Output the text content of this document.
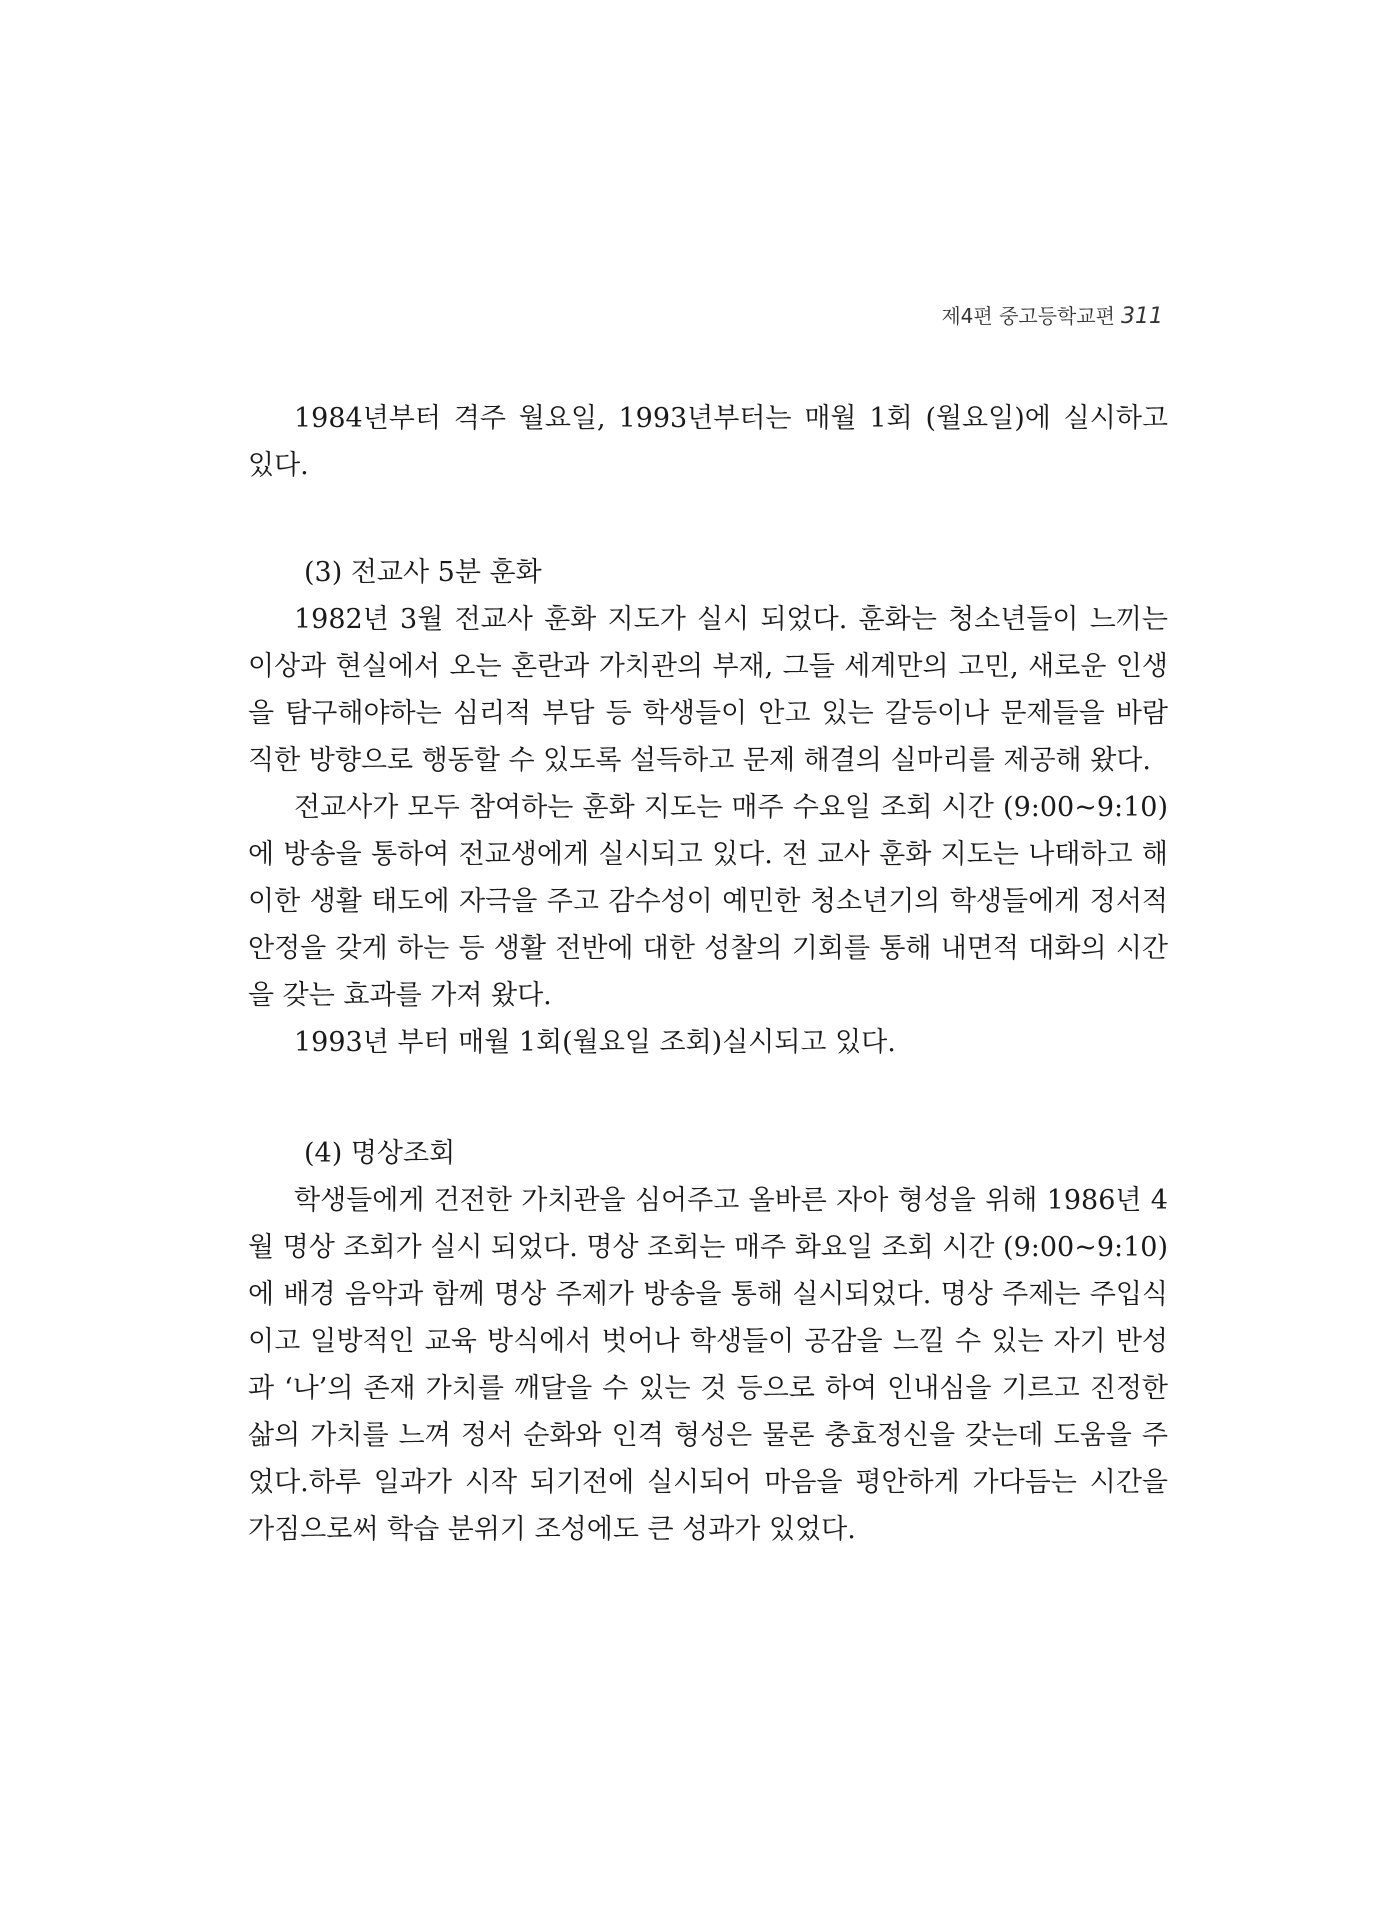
제4편 중고등학교편 311

1984년부터 격주 월요일, 1993년부터는 매월 1회 (월요일)에 실시하고 있다.

(3) 전교사 5분 훈화

1982년 3월 전교사 훈화 지도가 실시 되었다. 훈화는 청소년들이 느끼는 이상과 현실에서 오는 혼란과 가치관의 부재, 그들 세계만의 고민, 새로운 인생을 탐구해야하는 심리적 부담 등 학생들이 안고 있는 갈등이나 문제들을 바람직한 방향으로 행동할 수 있도록 설득하고 문제 해결의 실마리를 제공해 왔다.

전교사가 모두 참여하는 훈화 지도는 매주 수요일 조회 시간 (9:00~9:10)에 방송을 통하여 전교생에게 실시되고 있다. 전 교사 훈화 지도는 나태하고 해이한 생활 태도에 자극을 주고 감수성이 예민한 청소년기의 학생들에게 정서적 안정을 갖게 하는 등 생활 전반에 대한 성찰의 기회를 통해 내면적 대화의 시간을 갖는 효과를 가져 왔다.

1993년 부터 매월 1회(월요일 조회)실시되고 있다.

(4) 명상조회

학생들에게 건전한 가치관을 심어주고 올바른 자아 형성을 위해 1986년 4월 명상 조회가 실시 되었다. 명상 조회는 매주 화요일 조회 시간 (9:00~9:10)에 배경 음악과 함께 명상 주제가 방송을 통해 실시되었다. 명상 주제는 주입식이고 일방적인 교육 방식에서 벗어나 학생들이 공감을 느낄 수 있는 자기 반성과 ‘나’의 존재 가치를 깨달을 수 있는 것 등으로 하여 인내심을 기르고 진정한 삶의 가치를 느껴 정서 순화와 인격 형성은 물론 충효정신을 갖는데 도움을 주었다.하루 일과가 시작 되기전에 실시되어 마음을 평안하게 가다듬는 시간을 가짐으로써 학습 분위기 조성에도 큰 성과가 있었다.
